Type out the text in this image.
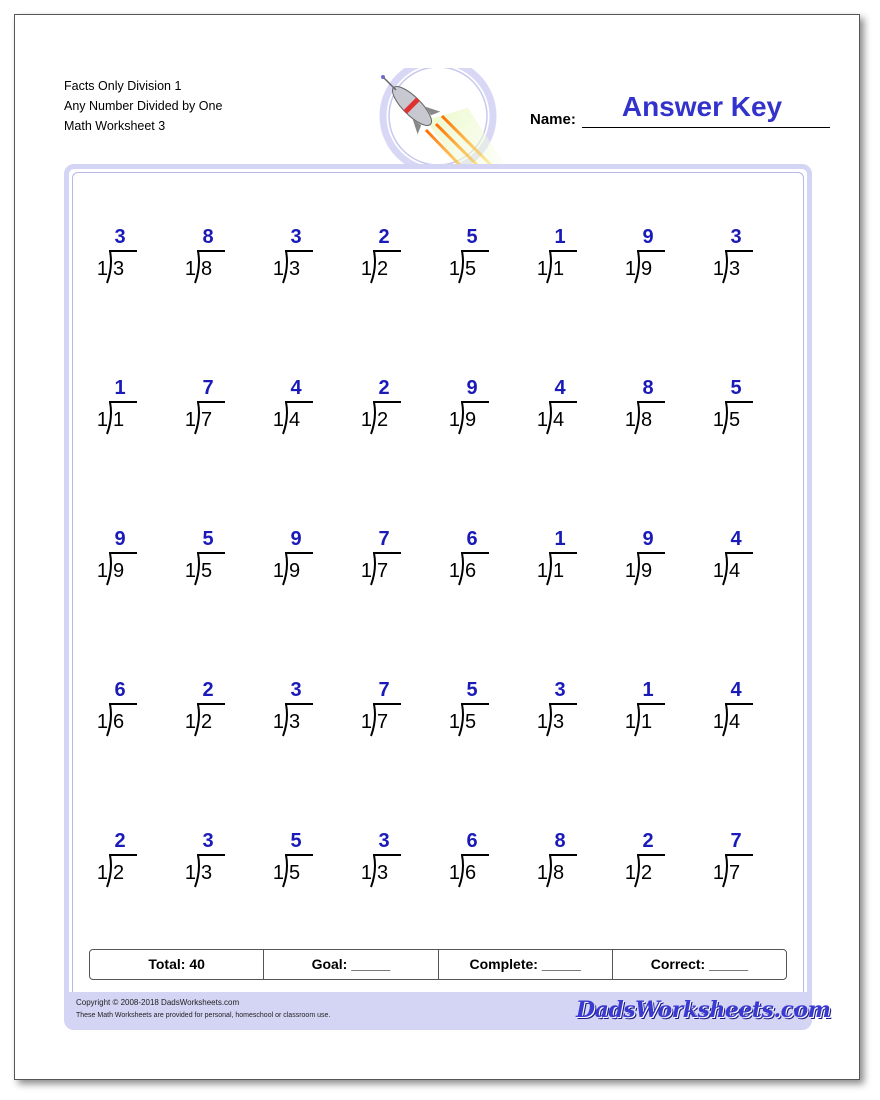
Facts Only Division 1
Any Number Divided by One
Math Worksheet 3	Name:	Answer Key
3
1 3
8
1 8
3
1 3
2
1 2
5
1 5
1
1 1
9
1 9
3
1 3
1
1 1
7
1 7
4
1 4
2
1 2
9
1 9
4
1 4
8
1 8
5
1 5
9
1 9
5
1 5
9
1 9
7
1 7
6
1 6
1
1 1
9
1 9
4
1 4
6
1 6
2
1 2
3
1 3
7
1 7
5
1 5
3
1 3
1
1 1
4
1 4
2
1 2
3
1 3
5
1 5
3
1 3
6
1 6
8
1 8
2
1 2
7
1 7
Total: 40	Goal: _____	Complete: _____	Correct: _____
Copyright © 2008-2018 DadsWorksheets.com
These Math Worksheets are provided for personal, homeschool or classroom use.	DadsWorksheets.com
